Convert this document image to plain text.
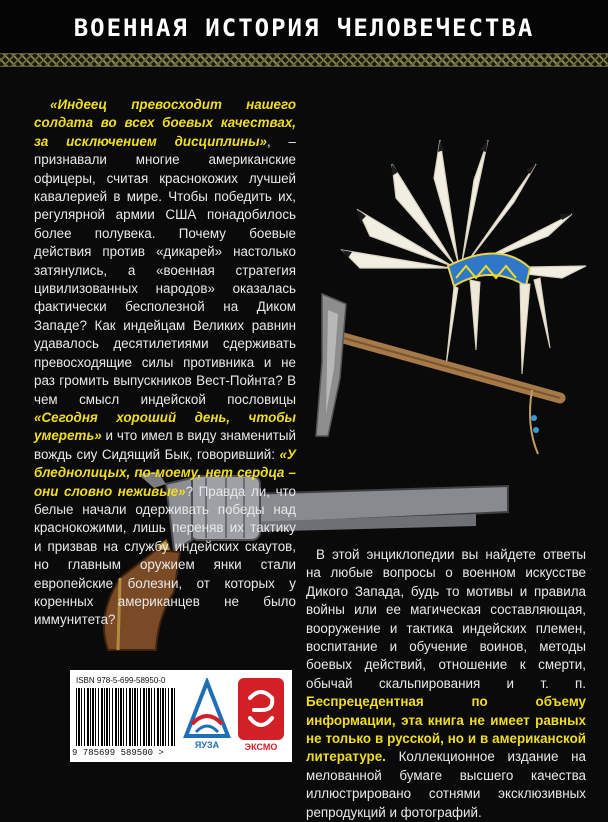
ВОЕННАЯ ИСТОРИЯ ЧЕЛОВЕЧЕСТВА
«Индеец превосходит нашего солдата во всех боевых качествах, за исключением дисциплины», – признавали многие американские офицеры, считая краснокожих лучшей кавалерией в мире. Чтобы победить их, регулярной армии США понадобилось более полувека. Почему боевые действия против «дикарей» настолько затянулись, а «военная стратегия цивилизованных народов» оказалась фактически бесполезной на Диком Западе? Как индейцам Великих равнин удавалось десятилетиями сдерживать превосходящие силы противника и не раз громить выпускников Вест-Пойнта? В чем смысл индейской пословицы «Сегодня хороший день, чтобы умереть» и что имел в виду знаменитый вождь сиу Сидящий Бык, говоривший: «У бледнолицых, по-моему, нет сердца – они словно неживые»? Правда ли, что белые начали одерживать победы над краснокожими, лишь переняв их тактику и призвав на службу индейских скаутов, но главным оружием янки стали европейские болезни, от которых у коренных американцев не было иммунитета?
В этой энциклопедии вы найдете ответы на любые вопросы о военном искусстве Дикого Запада, будь то мотивы и правила войны или ее магическая составляющая, вооружение и тактика индейских племен, воспитание и обучение воинов, методы боевых действий, отношение к смерти, обычай скальпирования и т. п. Беспрецедентная по объему информации, эта книга не имеет равных не только в русской, но и в американской литературе. Коллекционное издание на мелованной бумаге высшего качества иллюстрировано сотнями эксклюзивных репродукций и фотографий.
ISBN 978-5-699-58950-0
9 785699 589500 >
ЯУЗА	ЭКСМО
